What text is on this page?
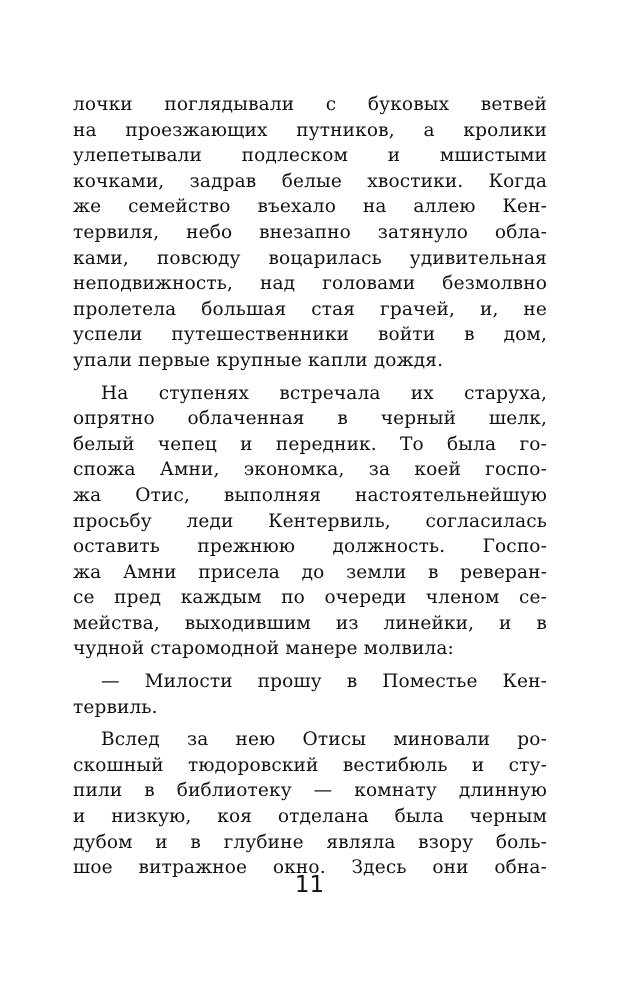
лочки поглядывали с буковых ветвей
на проезжающих путников, а кролики
улепетывали подлеском и мшистыми
кочками, задрав белые хвостики. Когда
же семейство въехало на аллею Кен-
тервиля, небо внезапно затянуло обла-
ками, повсюду воцарилась удивительная
неподвижность, над головами безмолвно
пролетела большая стая грачей, и, не
успели путешественники войти в дом,
упали первые крупные капли дождя.
На ступенях встречала их старуха,
опрятно облаченная в черный шелк,
белый чепец и передник. То была го-
спожа Амни, экономка, за коей госпо-
жа Отис, выполняя настоятельнейшую
просьбу леди Кентервиль, согласилась
оставить прежнюю должность. Госпо-
жа Амни присела до земли в реверан-
се пред каждым по очереди членом се-
мейства, выходившим из линейки, и в
чудной старомодной манере молвила:
— Милости прошу в Поместье Кен-
тервиль.
Вслед за нею Отисы миновали ро-
скошный тюдоровский вестибюль и сту-
пили в библиотеку — комнату длинную
и низкую, коя отделана была черным
дубом и в глубине являла взору боль-
шое витражное окно. Здесь они обна-
11
